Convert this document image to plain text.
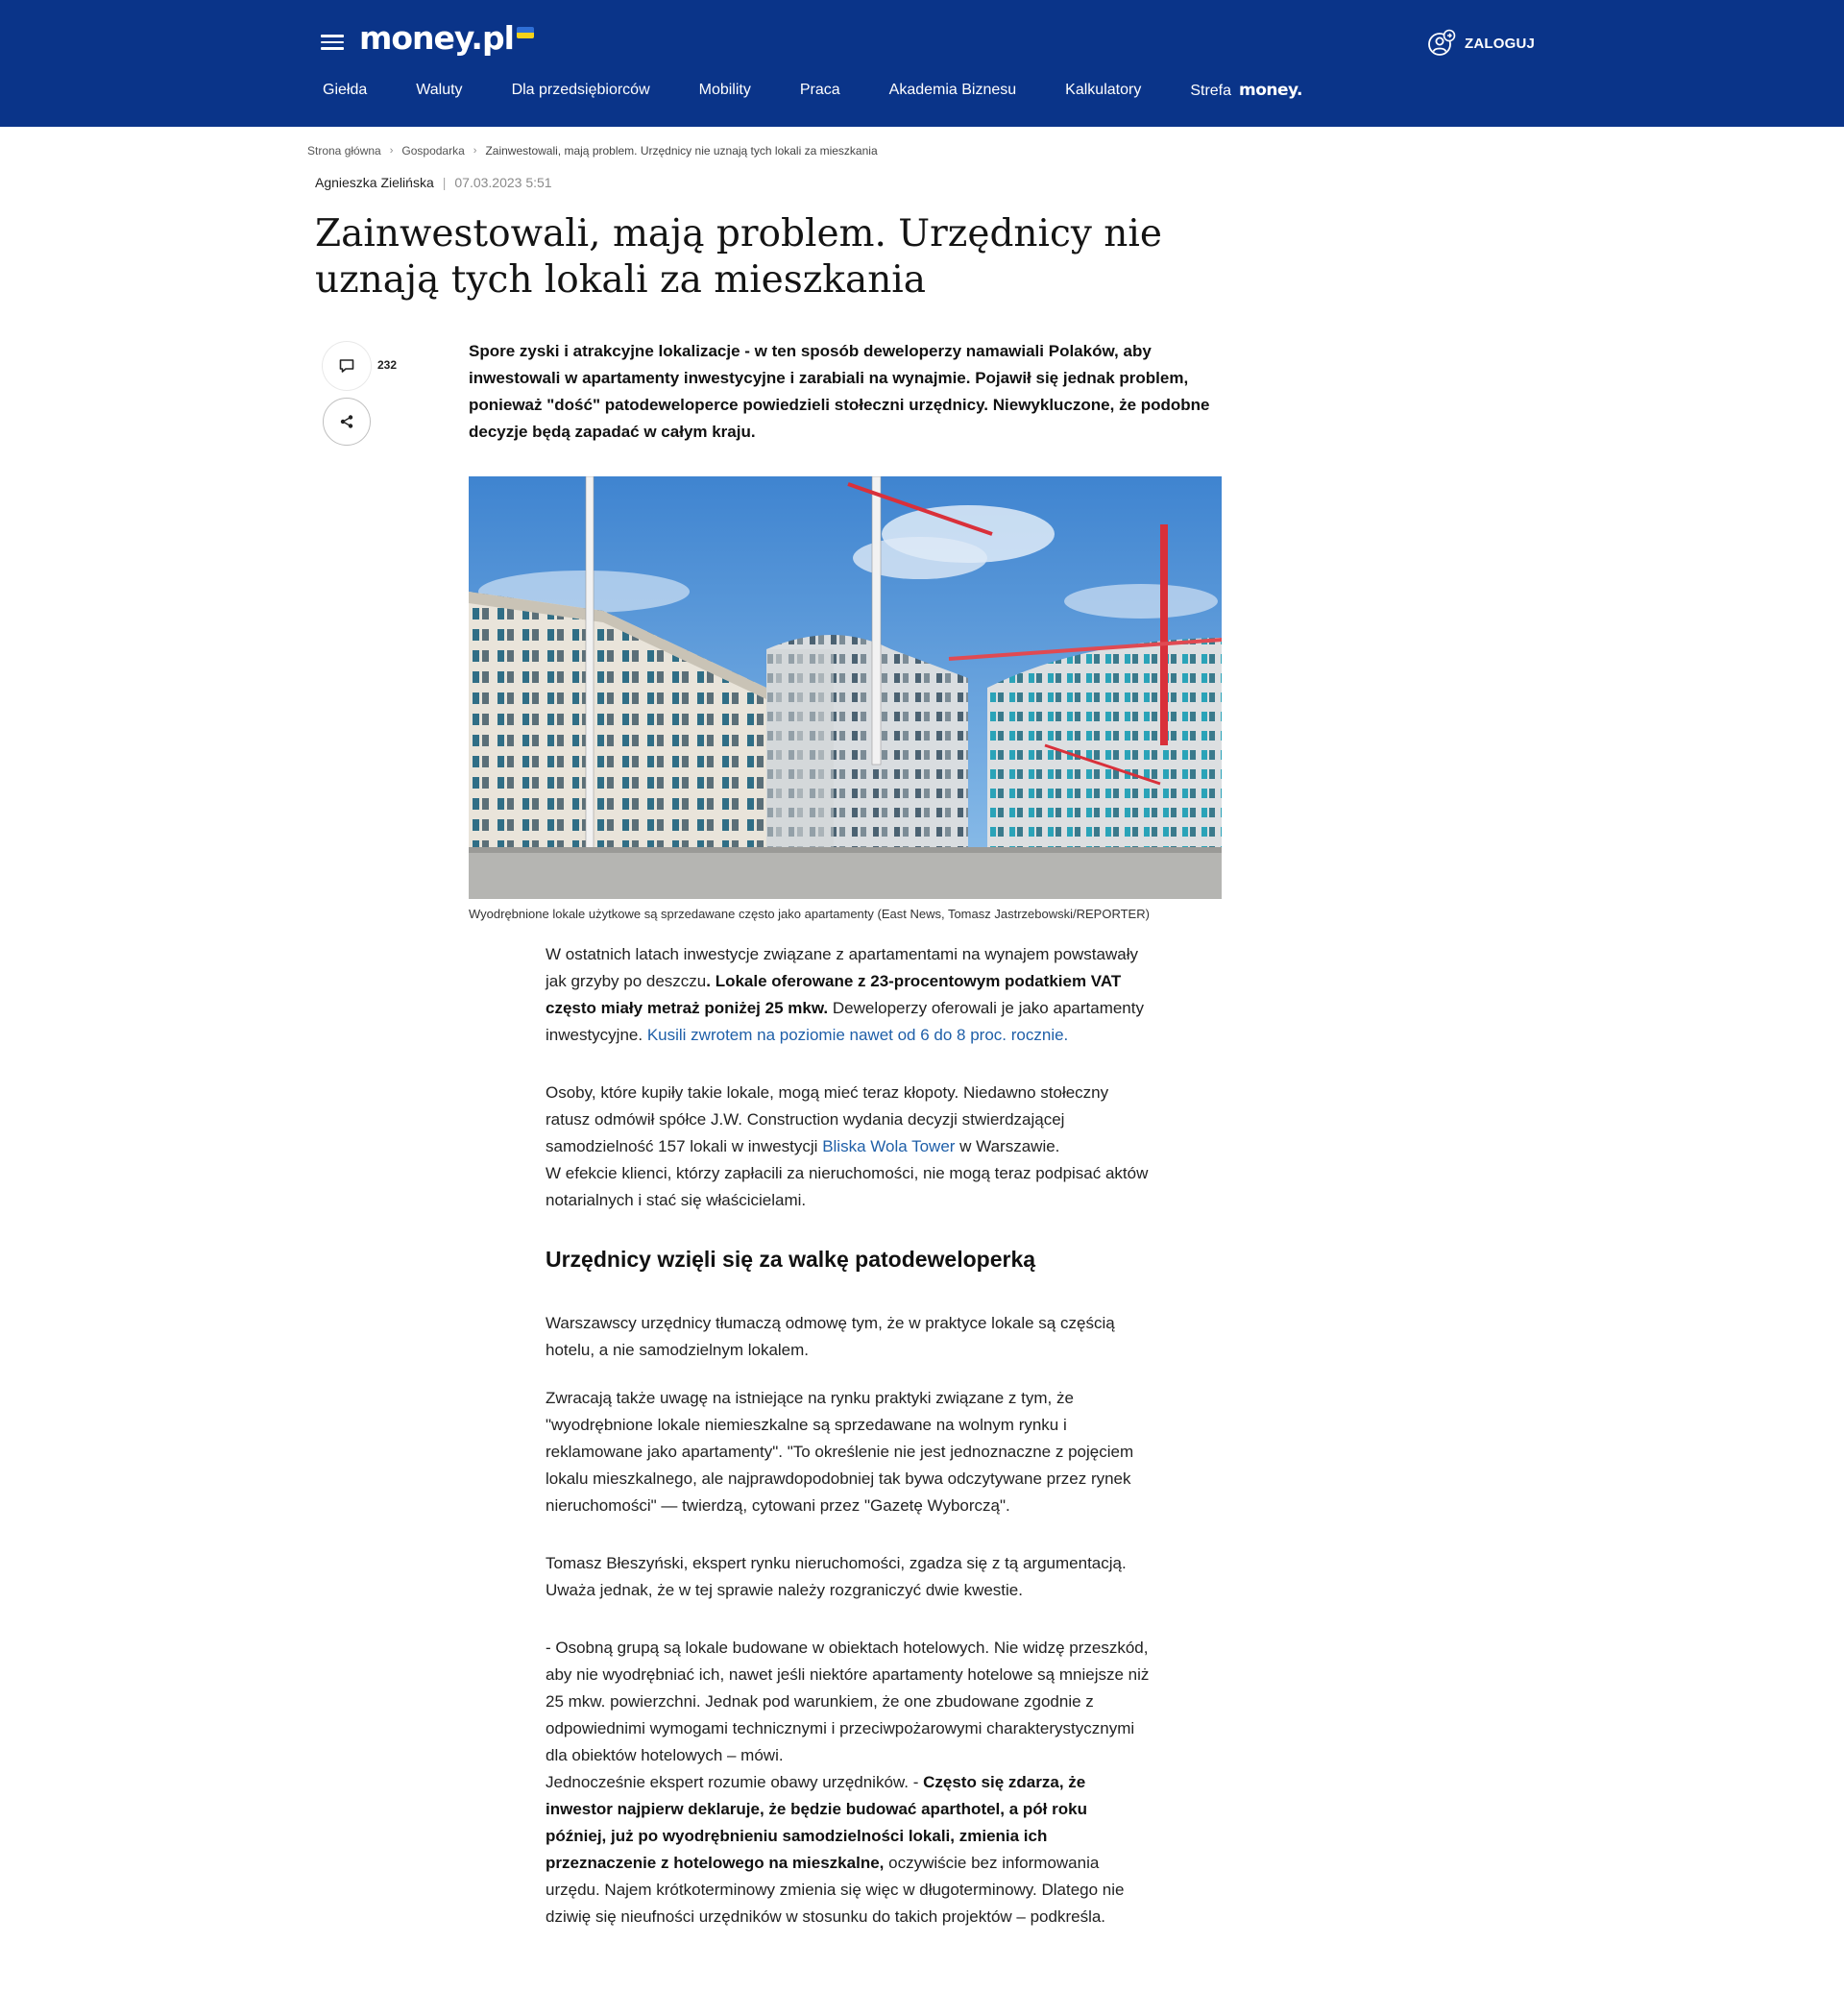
money.pl	ZALOGUJ
Giełda	Waluty	Dla przedsiębiorców	Mobility	Praca	Akademia Biznesu	Kalkulatory	Strefa money.
Strona główna › Gospodarka › Zainwestowali, mają problem. Urzędnicy nie uznają tych lokali za mieszkania
Agnieszka Zielińska | 07.03.2023 5:51
Zainwestowali, mają problem. Urzędnicy nie uznają tych lokali za mieszkania
232

Spore zyski i atrakcyjne lokalizacje - w ten sposób deweloperzy namawiali Polaków, aby inwestowali w apartamenty inwestycyjne i zarabiali na wynajmie. Pojawił się jednak problem, ponieważ "dość" patodeweloperce powiedzieli stołeczni urzędnicy. Niewykluczone, że podobne decyzje będą zapadać w całym kraju.

Wyodrębnione lokale użytkowe są sprzedawane często jako apartamenty (East News, Tomasz Jastrzebowski/REPORTER)

W ostatnich latach inwestycje związane z apartamentami na wynajem powstawały jak grzyby po deszczu. Lokale oferowane z 23-procentowym podatkiem VAT często miały metraż poniżej 25 mkw. Deweloperzy oferowali je jako apartamenty inwestycyjne. Kusili zwrotem na poziomie nawet od 6 do 8 proc. rocznie.

Osoby, które kupiły takie lokale, mogą mieć teraz kłopoty. Niedawno stołeczny ratusz odmówił spółce J.W. Construction wydania decyzji stwierdzającej samodzielność 157 lokali w inwestycji Bliska Wola Tower w Warszawie.
W efekcie klienci, którzy zapłacili za nieruchomości, nie mogą teraz podpisać aktów notarialnych i stać się właścicielami.

Urzędnicy wzięli się za walkę patodeweloperką

Warszawscy urzędnicy tłumaczą odmowę tym, że w praktyce lokale są częścią hotelu, a nie samodzielnym lokalem.

Zwracają także uwagę na istniejące na rynku praktyki związane z tym, że "wyodrębnione lokale niemieszkalne są sprzedawane na wolnym rynku i reklamowane jako apartamenty". "To określenie nie jest jednoznaczne z pojęciem lokalu mieszkalnego, ale najprawdopodobniej tak bywa odczytywane przez rynek nieruchomości" — twierdzą, cytowani przez "Gazetę Wyborczą".

Tomasz Błeszyński, ekspert rynku nieruchomości, zgadza się z tą argumentacją. Uważa jednak, że w tej sprawie należy rozgraniczyć dwie kwestie.

- Osobną grupą są lokale budowane w obiektach hotelowych. Nie widzę przeszkód, aby nie wyodrębniać ich, nawet jeśli niektóre apartamenty hotelowe są mniejsze niż 25 mkw. powierzchni. Jednak pod warunkiem, że one zbudowane zgodnie z odpowiednimi wymogami technicznymi i przeciwpożarowymi charakterystycznymi dla obiektów hotelowych – mówi.

Jednocześnie ekspert rozumie obawy urzędników. - Często się zdarza, że inwestor najpierw deklaruje, że będzie budować aparthotel, a pół roku później, już po wyodrębnieniu samodzielności lokali, zmienia ich przeznaczenie z hotelowego na mieszkalne, oczywiście bez informowania urzędu. Najem krótkoterminowy zmienia się więc w długoterminowy. Dlatego nie dziwię się nieufności urzędników w stosunku do takich projektów – podkreśla.
